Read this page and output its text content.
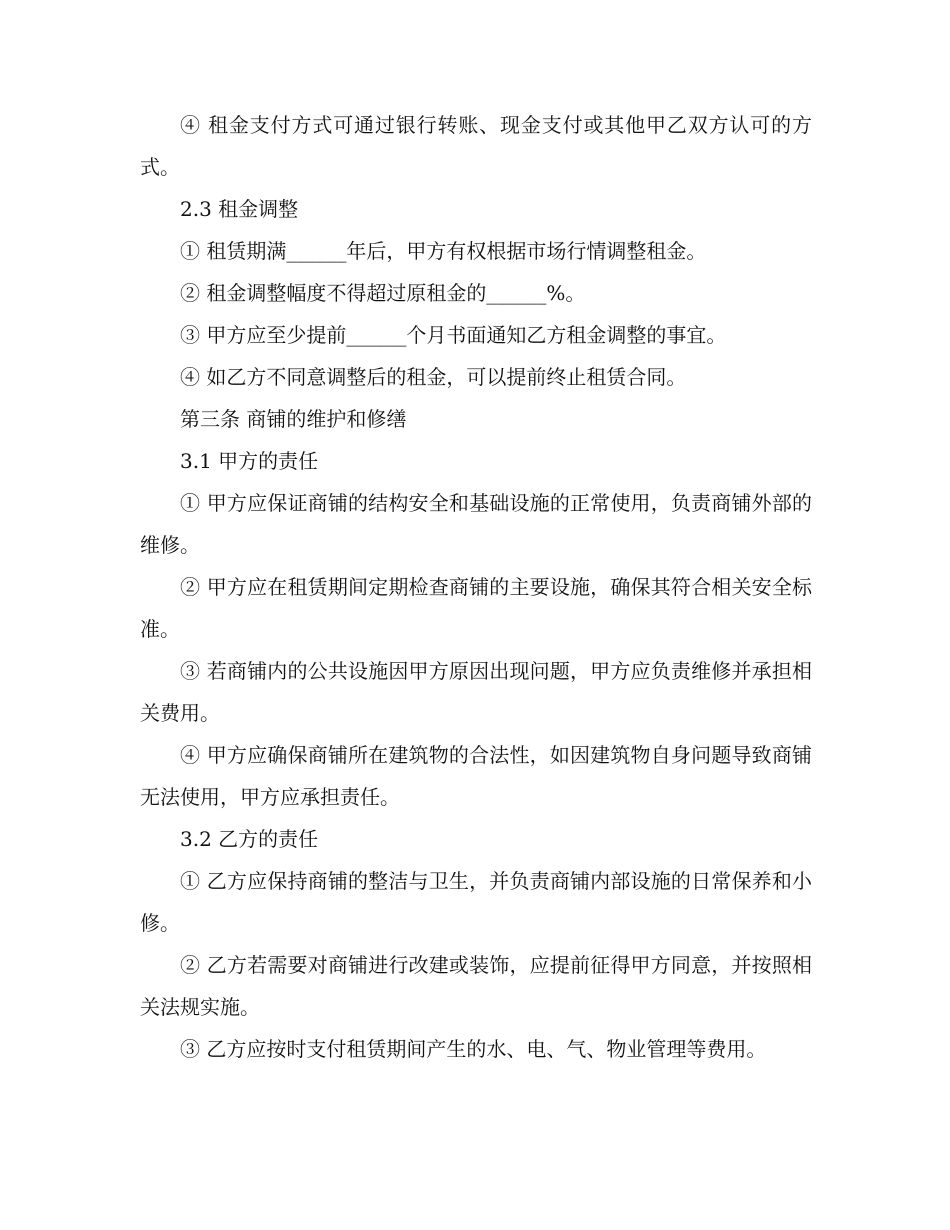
④ 租金支付方式可通过银行转账、现金支付或其他甲乙双方认可的方式。

2.3 租金调整

① 租赁期满______年后，甲方有权根据市场行情调整租金。

② 租金调整幅度不得超过原租金的______%。

③ 甲方应至少提前______个月书面通知乙方租金调整的事宜。

④ 如乙方不同意调整后的租金，可以提前终止租赁合同。

第三条 商铺的维护和修缮

3.1 甲方的责任

① 甲方应保证商铺的结构安全和基础设施的正常使用，负责商铺外部的维修。

② 甲方应在租赁期间定期检查商铺的主要设施，确保其符合相关安全标准。

③ 若商铺内的公共设施因甲方原因出现问题，甲方应负责维修并承担相关费用。

④ 甲方应确保商铺所在建筑物的合法性，如因建筑物自身问题导致商铺无法使用，甲方应承担责任。

3.2 乙方的责任

① 乙方应保持商铺的整洁与卫生，并负责商铺内部设施的日常保养和小修。

② 乙方若需要对商铺进行改建或装饰，应提前征得甲方同意，并按照相关法规实施。

③ 乙方应按时支付租赁期间产生的水、电、气、物业管理等费用。
